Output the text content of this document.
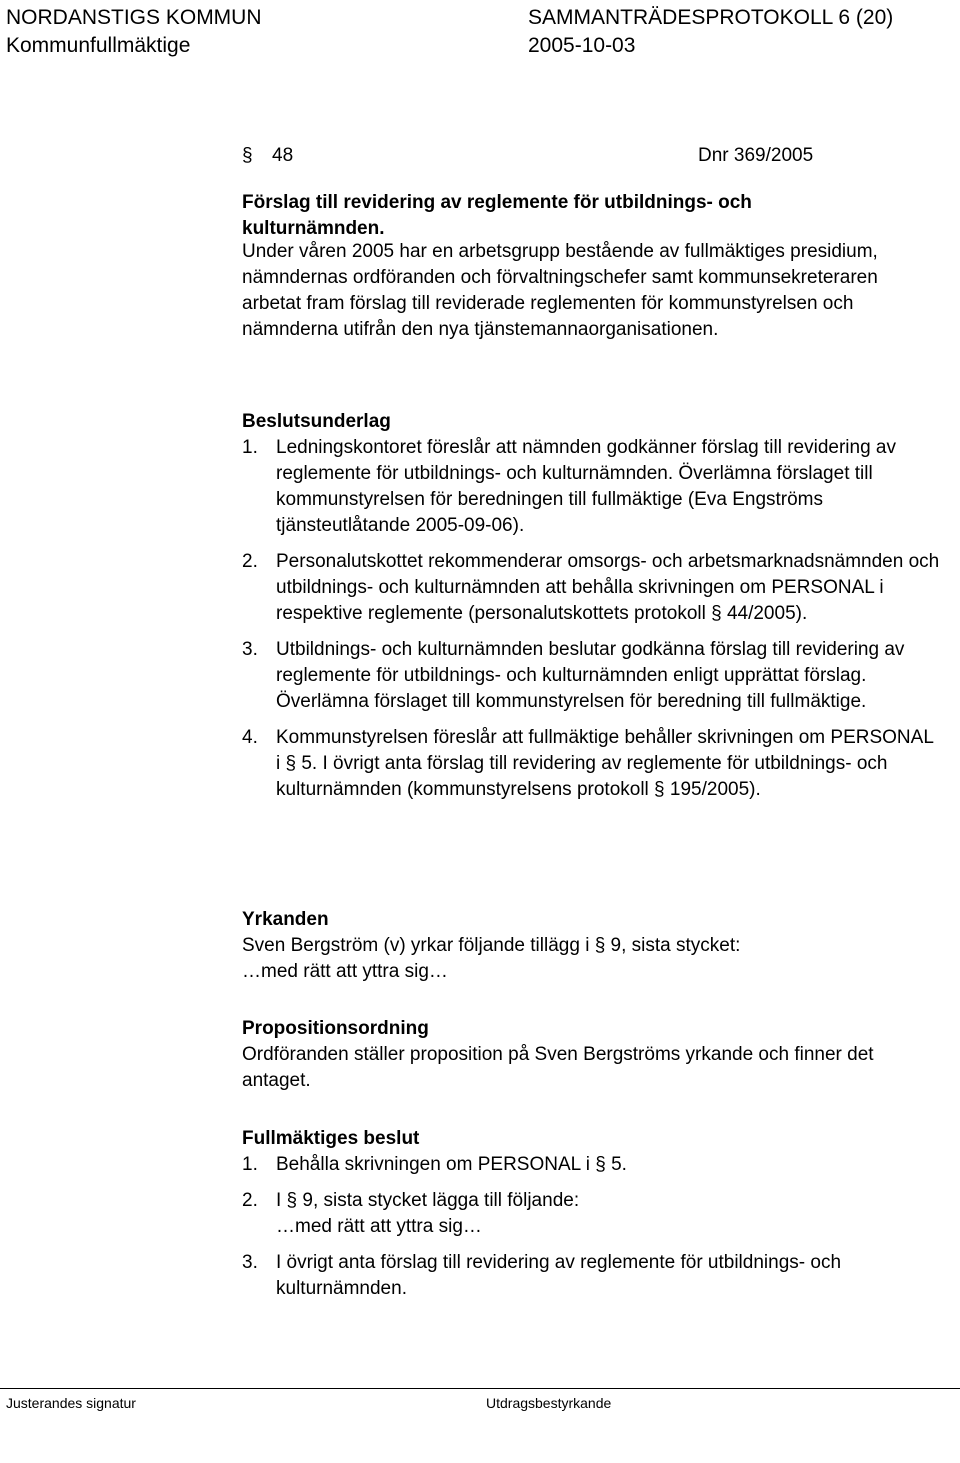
NORDANSTIGS KOMMUN
Kommunfullmäktige
SAMMANTRÄDESPROTOKOLL 6 (20)
2005-10-03
§ 48	Dnr 369/2005
Förslag till revidering av reglemente för utbildnings- och kulturnämnden.
Under våren 2005 har en arbetsgrupp bestående av fullmäktiges presidium, nämndernas ordföranden och förvaltningschefer samt kommunsekreteraren arbetat fram förslag till reviderade reglementen för kommunstyrelsen och nämnderna utifrån den nya tjänstemannaorganisationen.
Beslutsunderlag
1. Ledningskontoret föreslår att nämnden godkänner förslag till revidering av reglemente för utbildnings- och kulturnämnden. Överlämna förslaget till kommunstyrelsen för beredningen till fullmäktige (Eva Engströms tjänsteutlåtande 2005-09-06).
2. Personalutskottet rekommenderar omsorgs- och arbetsmarknadsnämnden och utbildnings- och kulturnämnden att behålla skrivningen om PERSONAL i respektive reglemente (personalutskottets protokoll § 44/2005).
3. Utbildnings- och kulturnämnden beslutar godkänna förslag till revidering av reglemente för utbildnings- och kulturnämnden enligt upprättat förslag. Överlämna förslaget till kommunstyrelsen för beredning till fullmäktige.
4. Kommunstyrelsen föreslår att fullmäktige behåller skrivningen om PERSONAL i § 5. I övrigt anta förslag till revidering av reglemente för utbildnings- och kulturnämnden (kommunstyrelsens protokoll § 195/2005).
Yrkanden

Sven Bergström (v) yrkar följande tillägg i § 9, sista stycket:

…med rätt att yttra sig…

Propositionsordning

Ordföranden ställer proposition på Sven Bergströms yrkande och finner det antaget.

Fullmäktiges beslut
1. Behålla skrivningen om PERSONAL i § 5.
2. I § 9, sista stycket lägga till följande:
…med rätt att yttra sig…
3. I övrigt anta förslag till revidering av reglemente för utbildnings- och kulturnämnden.
Justerandes signatur	Utdragsbestyrkande
